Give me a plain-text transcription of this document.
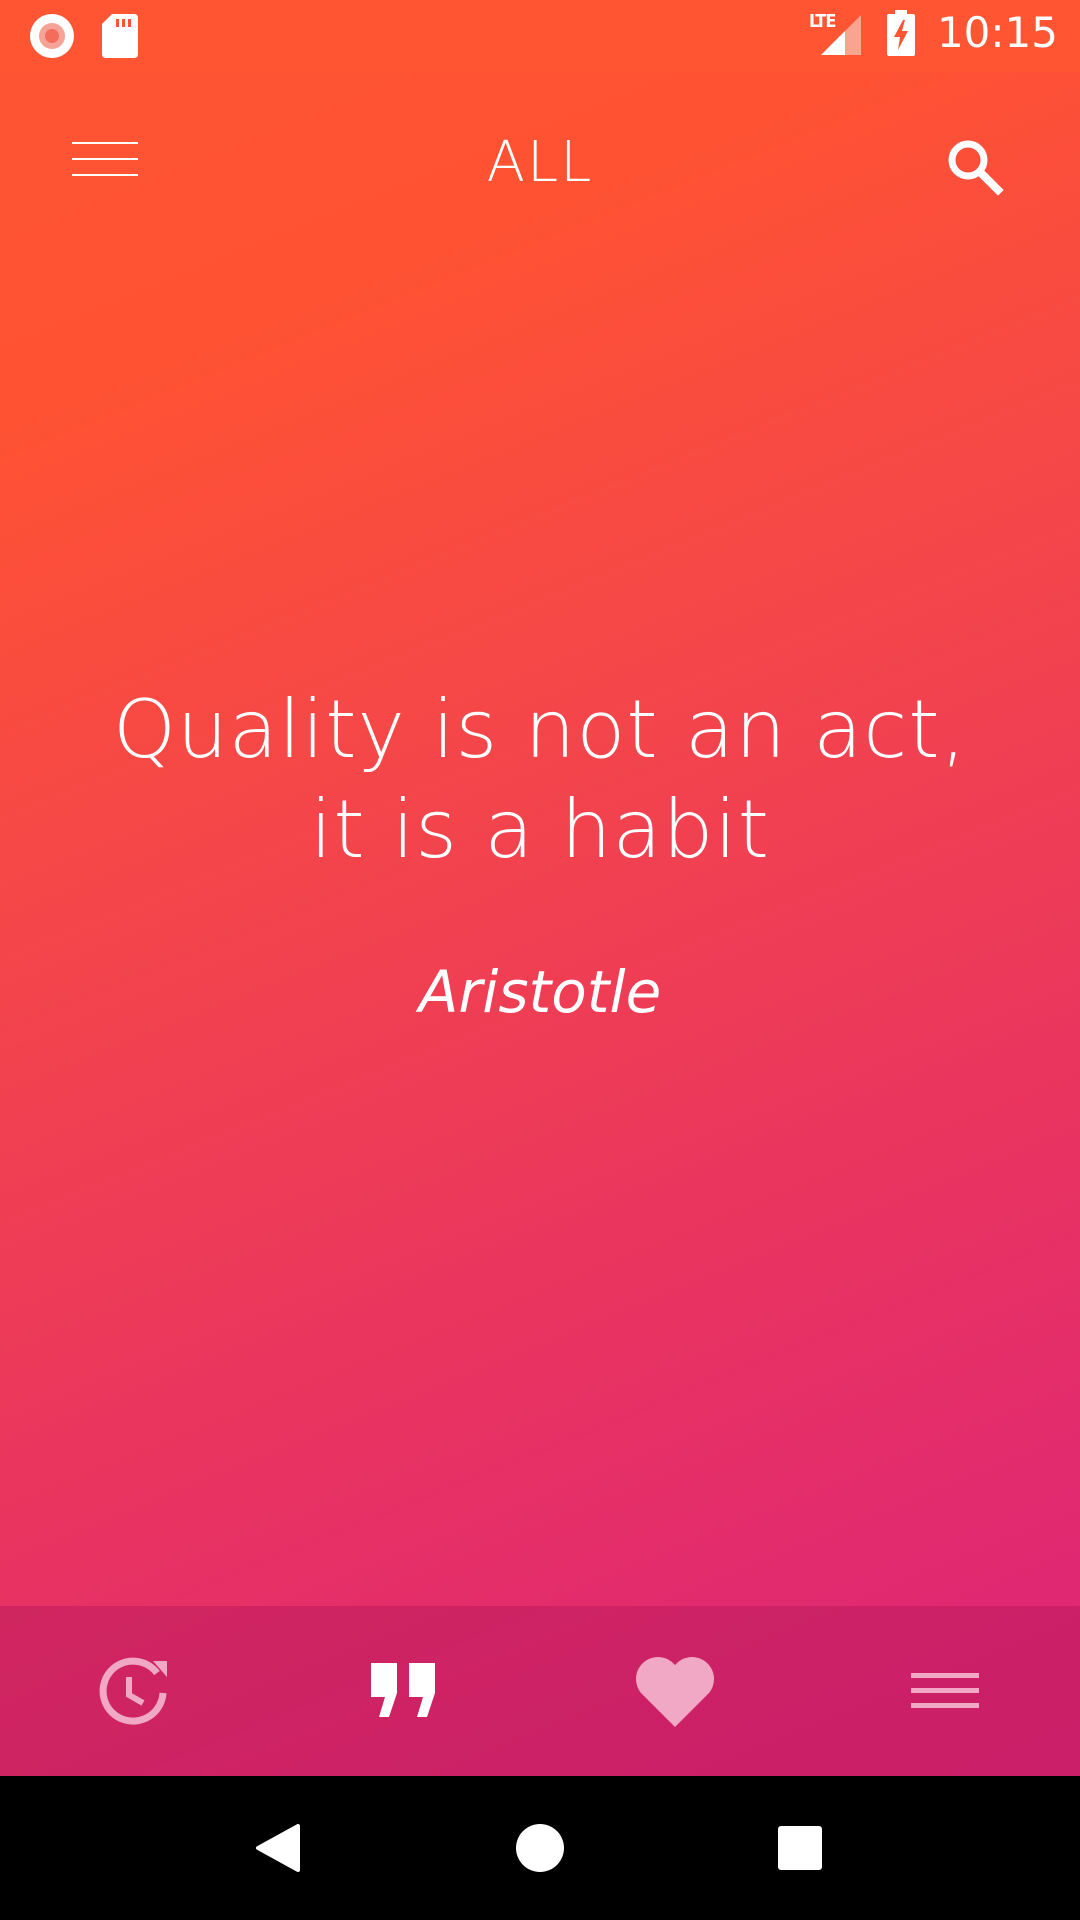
LTE 10:15
ALL
Quality is not an act, it is a habit
Aristotle
